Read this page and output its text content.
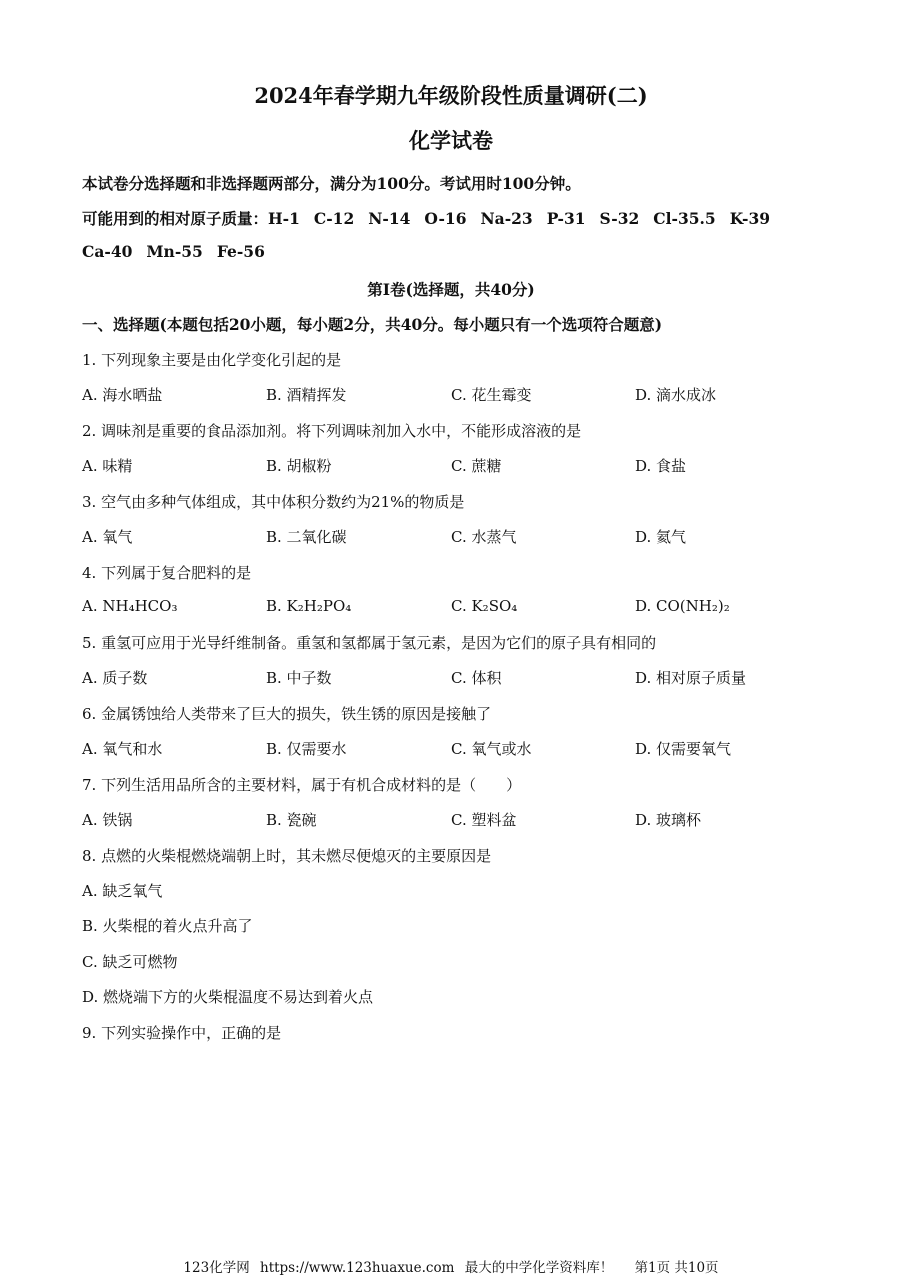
2024年春学期九年级阶段性质量调研(二)
化学试卷
本试卷分选择题和非选择题两部分，满分为100分。考试用时100分钟。
可能用到的相对原子质量：H-1 C-12 N-14 O-16 Na-23 P-31 S-32 Cl-35.5 K-39
Ca-40 Mn-55 Fe-56
第Ⅰ卷(选择题，共40分)
一、选择题(本题包括20小题，每小题2分，共40分。每小题只有一个选项符合题意)
1. 下列现象主要是由化学变化引起的是
A. 海水晒盐	B. 酒精挥发	C. 花生霉变	D. 滴水成冰
2. 调味剂是重要的食品添加剂。将下列调味剂加入水中，不能形成溶液的是
A. 味精	B. 胡椒粉	C. 蔗糖	D. 食盐
3. 空气由多种气体组成，其中体积分数约为21%的物质是
A. 氧气	B. 二氧化碳	C. 水蒸气	D. 氦气
4. 下列属于复合肥料的是
A. NH₄HCO₃	B. K₂H₂PO₄	C. K₂SO₄	D. CO(NH₂)₂
5. 重氢可应用于光导纤维制备。重氢和氢都属于氢元素，是因为它们的原子具有相同的
A. 质子数	B. 中子数	C. 体积	D. 相对原子质量
6. 金属锈蚀给人类带来了巨大的损失，铁生锈的原因是接触了
A. 氧气和水	B. 仅需要水	C. 氧气或水	D. 仅需要氧气
7. 下列生活用品所含的主要材料，属于有机合成材料的是（　　）
A. 铁锅	B. 瓷碗	C. 塑料盆	D. 玻璃杯
8. 点燃的火柴棍燃烧端朝上时，其未燃尽便熄灭的主要原因是
A. 缺乏氧气
B. 火柴棍的着火点升高了
C. 缺乏可燃物
D. 燃烧端下方的火柴棍温度不易达到着火点
9. 下列实验操作中，正确的是
123化学网 https://www.123huaxue.com 最大的中学化学资料库！ 第1页 共10页
